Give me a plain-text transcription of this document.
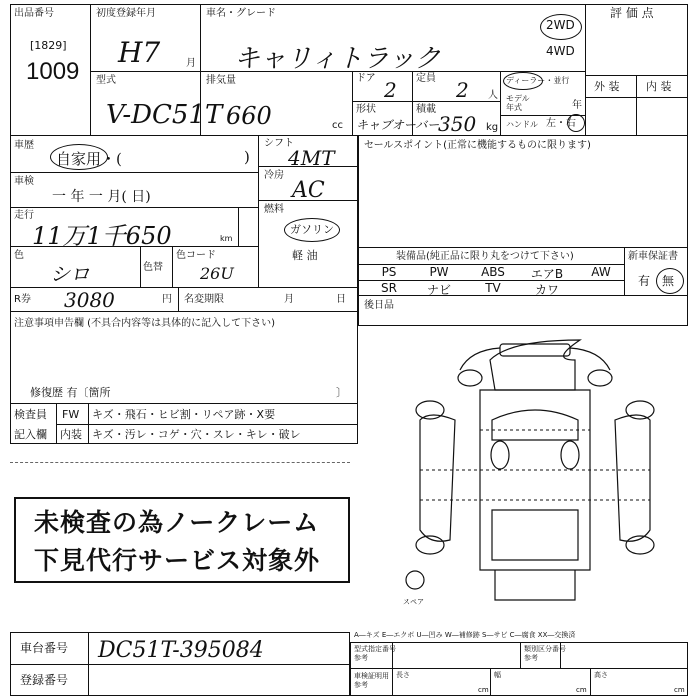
出品番号
[1829]
1009
初度登録年月
H7	月
車名・グレード
キャリィトラック
2WD
4WD
評 価 点
型式
V-DC51T
排気量
660	cc
ドア 2 定員 2 人
ディーラー・並行
形状
キャブオーバー
積載
350 kg
モデル
年式	年
ハンドル 左・右
外 装 内 装
車歴
自家用・(	)
車検
一 年 一 月( 日)
走行
11万1千650	km
色
シロ	色替
色コード
26U
シフト
4MT
冷房
AC
燃料
ガソリン
軽 油
R券 3080	円 名変期限	月	日
注意事項申告欄 (不具合内容等は具体的に記入して下さい)
修復歴 有〔箇所	〕
検査員
記入欄
FW キズ・飛石・ヒビ割・リペア跡・X要
内装 キズ・汚レ・コゲ・穴・スレ・キレ・破レ
未検査の為ノークレーム
下見代行サービス対象外
セールスポイント(正常に機能するものに限ります)
装備品(純正品に限り丸をつけて下さい)	新車保証書
PS	PW	ABS	エアB	AW
SR	ナビ	TV	カワ
有 無
後日品
スペア
車台番号 DC51T-395084
登録番号
A―キズ E―エクボ U―凹み W―補修跡 S―サビ C―腐食 XX―交換済
型式指定番号
参考
類別区分番号
参考
車検証明用
参考
長さ	幅	高さ
cm	cm	cm
